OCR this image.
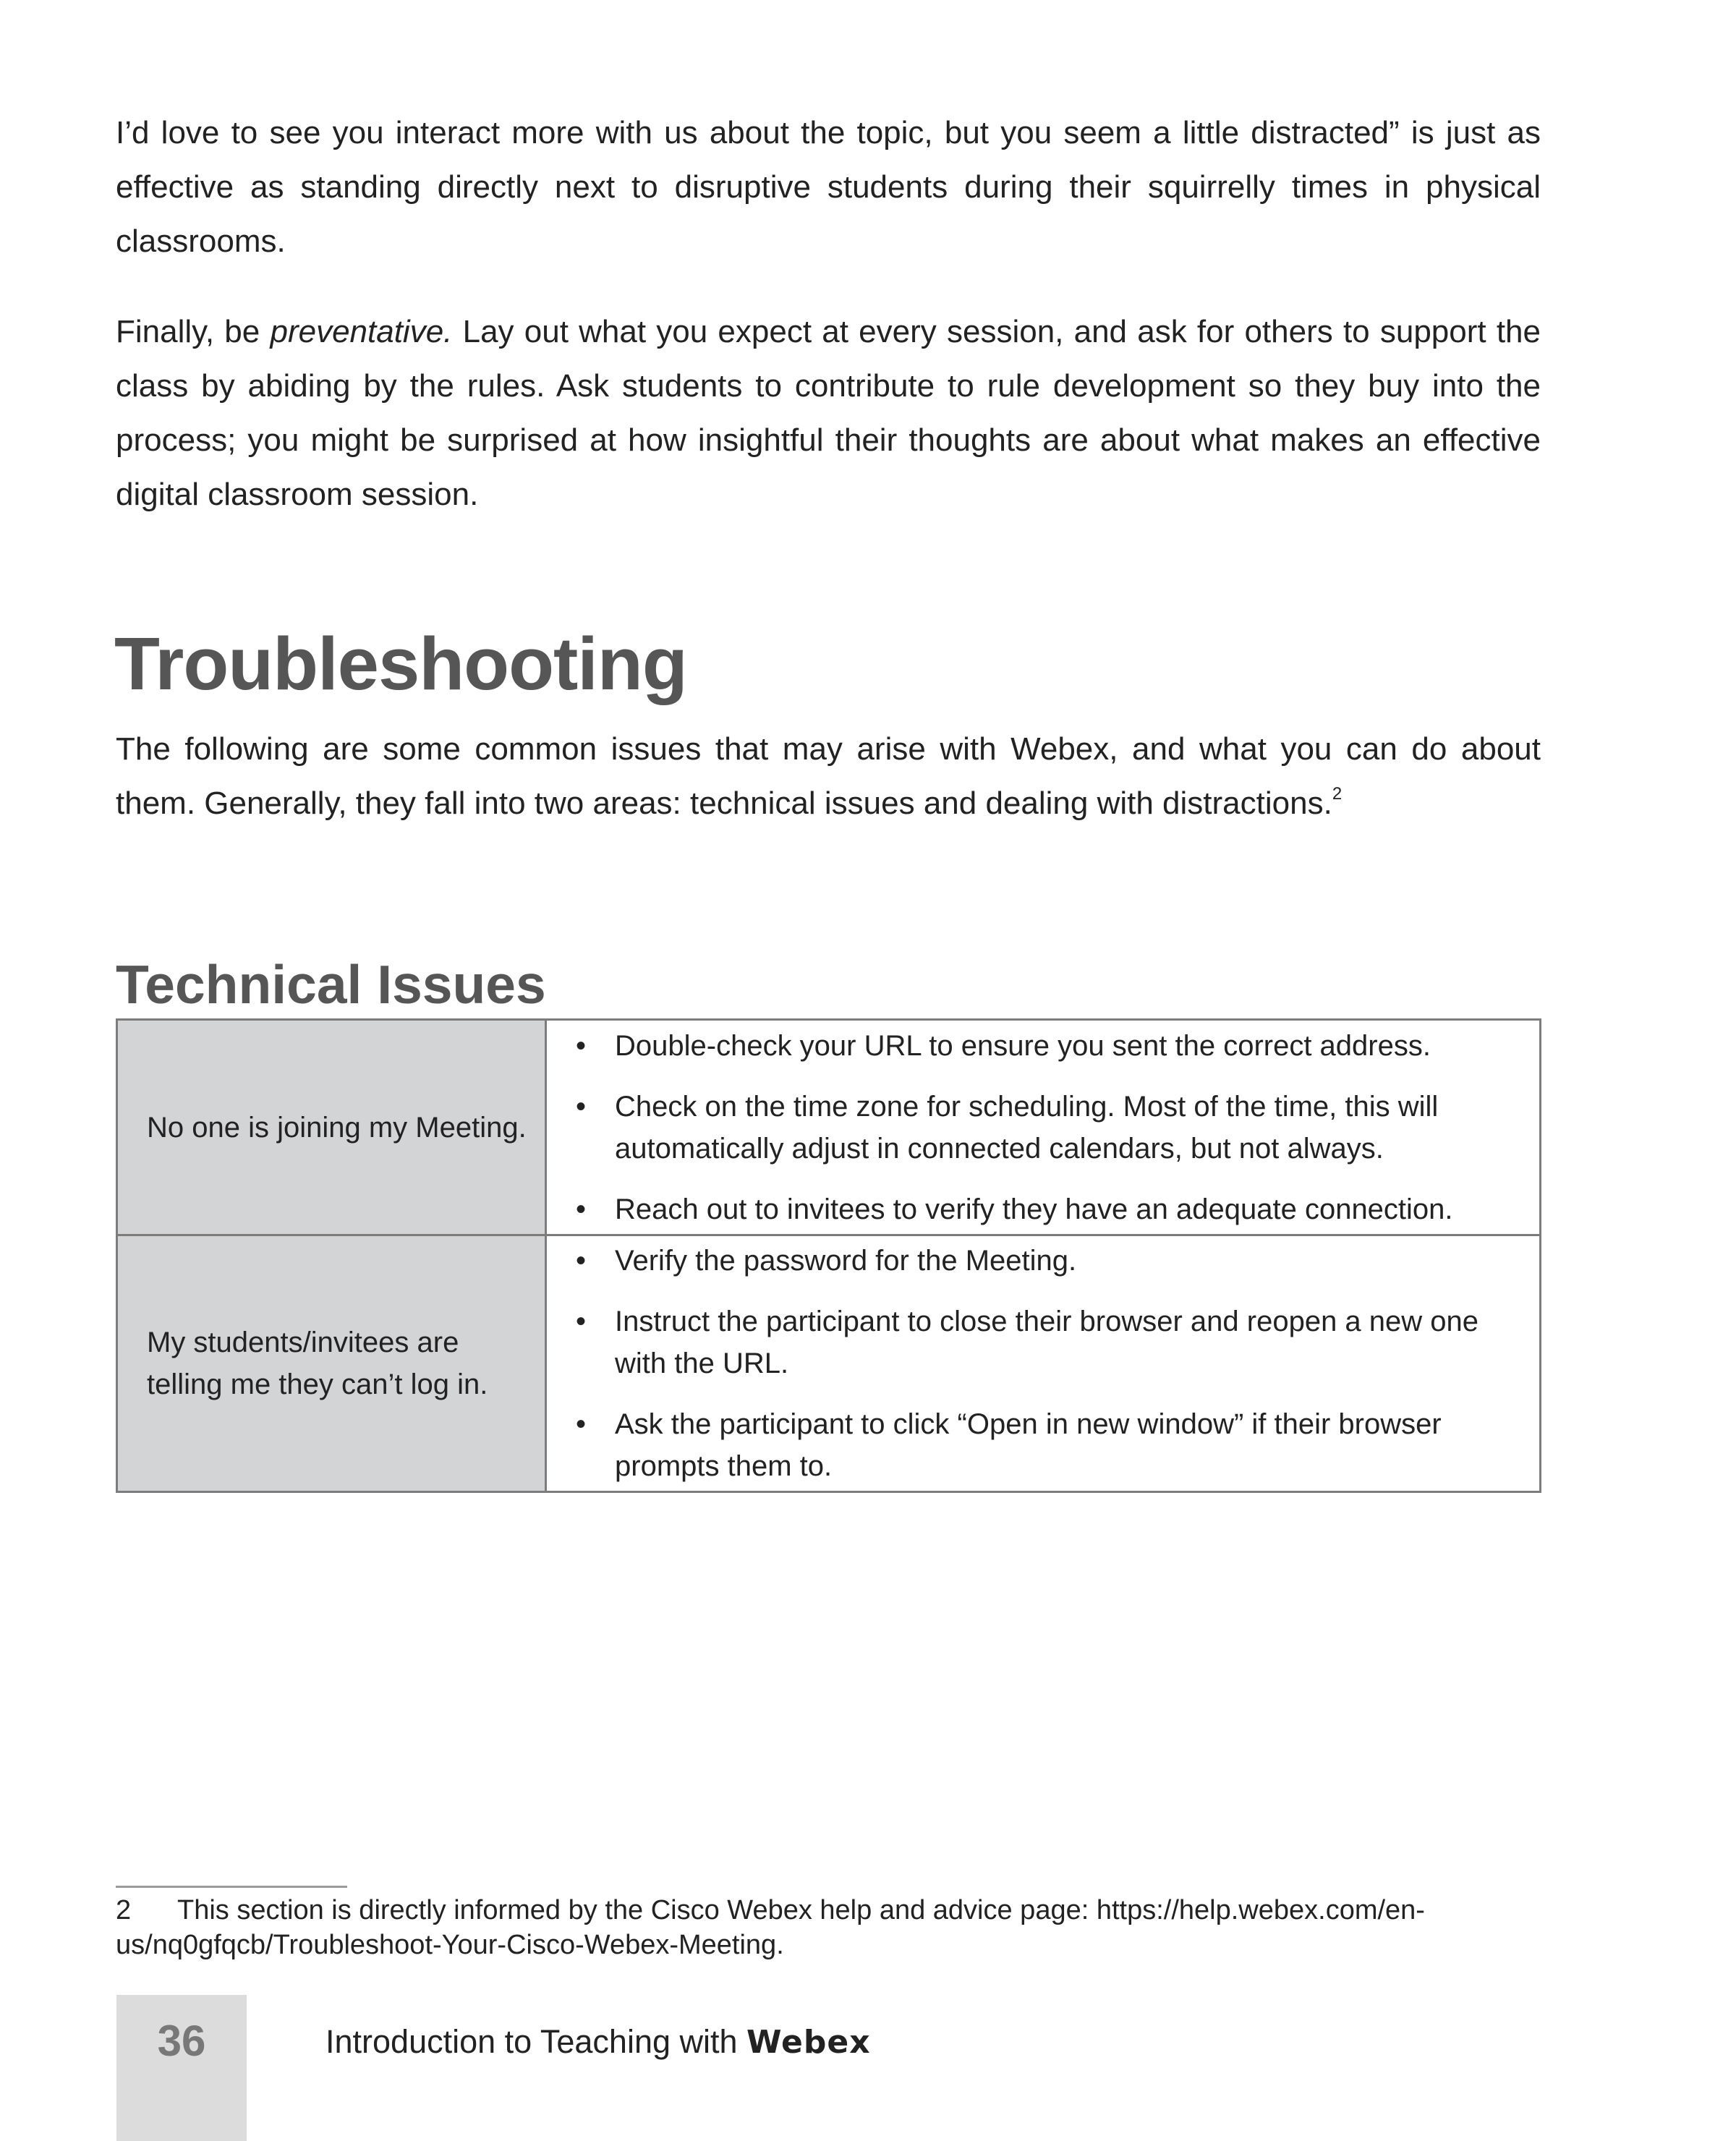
I’d love to see you interact more with us about the topic, but you seem a little distracted” is just as effective as standing directly next to disruptive students during their squirrelly times in physical classrooms.

Finally, be preventative. Lay out what you expect at every session, and ask for others to support the class by abiding by the rules. Ask students to contribute to rule development so they buy into the process; you might be surprised at how insightful their thoughts are about what makes an effective digital classroom session.

Troubleshooting

The following are some common issues that may arise with Webex, and what you can do about them. Generally, they fall into two areas: technical issues and dealing with distractions.$^2$

Technical Issues
No one is joining my Meeting.	
• Double-check your URL to ensure you sent the correct address.
• Check on the time zone for scheduling. Most of the time, this will automatically adjust in connected calendars, but not always.
• Reach out to invitees to verify they have an adequate connection.

My students/invitees are telling me they can’t log in.	
• Verify the password for the Meeting.
• Instruct the participant to close their browser and reopen a new one with the URL.
• Ask the participant to click “Open in new window” if their browser prompts them to.
2 This section is directly informed by the Cisco Webex help and advice page: https://help.webex.com/en-us/nq0gfqcb/Troubleshoot-Your-Cisco-Webex-Meeting.
36	Introduction to Teaching with Webex
